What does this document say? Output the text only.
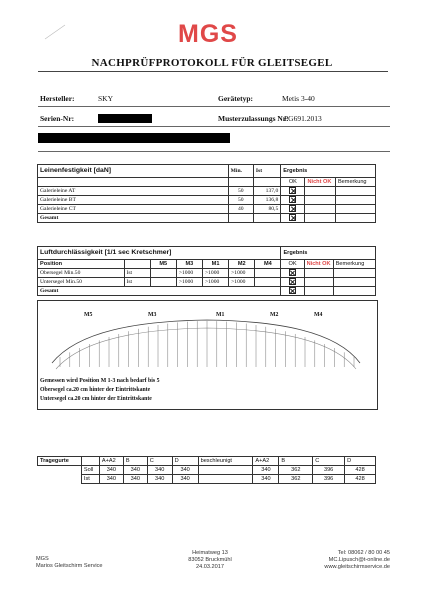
MGS
NACHPRÜFPROTOKOLL FÜR GLEITSEGEL
Hersteller:	SKY	Gerätetyp:	Metis 3-40
Serien-Nr:	Musterzulassungs Nr:
PG691.2013
Leinenfestigkeit [daN]	Min.	Ist	Ergebnis		
			OK	Nicht OK	Bemerkung
Galerieleine AT	50	137,0			
Galerieleine BT	50	136,8			
Galerieleine CT	40	80,5			
Gesamt					
Luftdurchlässigkeit [1/1 sec Kretschmer]							Ergebnis		
Position		M5	M3	M1	M2	M4	OK	Nicht OK	Bemerkung
Obersegel Min.50	Ist		>1000	>1000	>1000				
Untersegel Min.50	Ist		>1000	>1000	>1000				
Gesamt									
M5	M3	M1	M2	M4
Gemessen wird Position M 1-3 nach bedarf bis 5
Obersegel ca.20 cm hinter der Eintrittskante
Untersegel ca.20 cm hinter der Eintrittskante
Tragegurte		A+A2	B	C	D	beschleunigt	A+A2	B	C	D
	Soll	340	340	340	340		340	362	396	428
	Ist	340	340	340	340		340	362	396	428
MGS
Marios Gleitschirm Service
Heimatweg 13
83052 Bruckmühl
24.03.2017
Tel: 08062 / 80 00 45
MC.Lipusch@t-online.de
www.gleitschirmservice.de
